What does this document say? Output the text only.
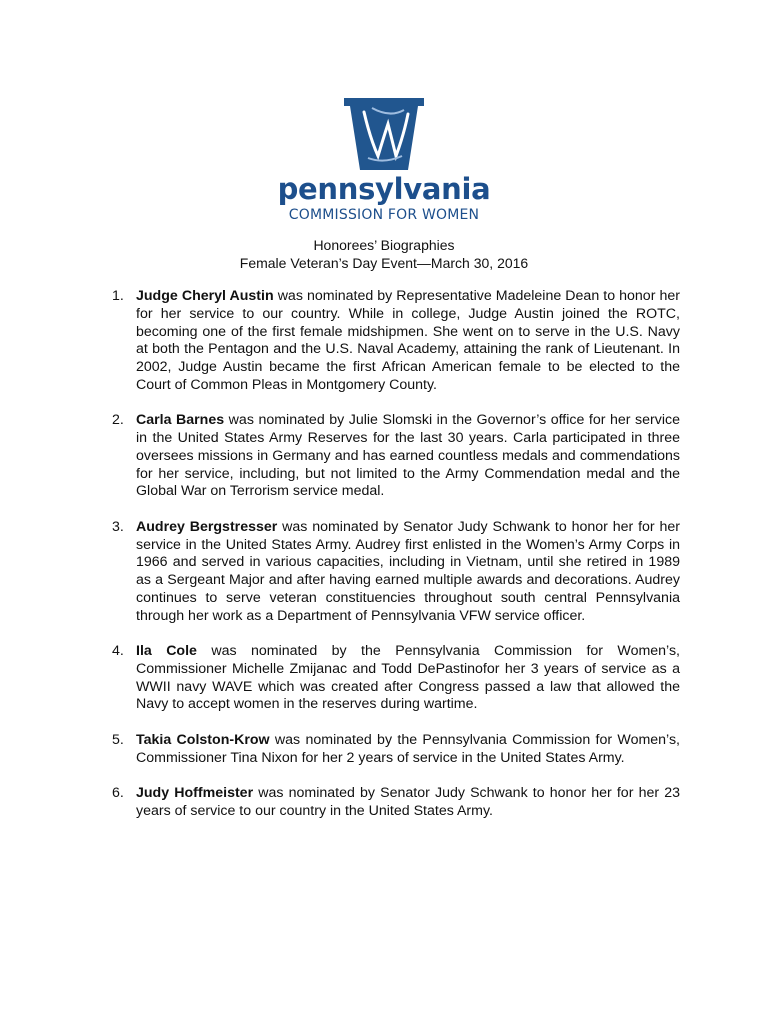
pennsylvania
COMMISSION FOR WOMEN
Honorees’ Biographies
Female Veteran’s Day Event—March 30, 2016
1. Judge Cheryl Austin was nominated by Representative Madeleine Dean to honor her for her service to our country. While in college, Judge Austin joined the ROTC, becoming one of the first female midshipmen. She went on to serve in the U.S. Navy at both the Pentagon and the U.S. Naval Academy, attaining the rank of Lieutenant. In 2002, Judge Austin became the first African American female to be elected to the Court of Common Pleas in Montgomery County.
2. Carla Barnes was nominated by Julie Slomski in the Governor’s office for her service in the United States Army Reserves for the last 30 years. Carla participated in three oversees missions in Germany and has earned countless medals and commendations for her service, including, but not limited to the Army Commendation medal and the Global War on Terrorism service medal.
3. Audrey Bergstresser was nominated by Senator Judy Schwank to honor her for her service in the United States Army. Audrey first enlisted in the Women’s Army Corps in 1966 and served in various capacities, including in Vietnam, until she retired in 1989 as a Sergeant Major and after having earned multiple awards and decorations. Audrey continues to serve veteran constituencies throughout south central Pennsylvania through her work as a Department of Pennsylvania VFW service officer.
4. Ila Cole was nominated by the Pennsylvania Commission for Women’s, Commissioner Michelle Zmijanac and Todd DePastinofor her 3 years of service as a WWII navy WAVE which was created after Congress passed a law that allowed the Navy to accept women in the reserves during wartime.
5. Takia Colston-Krow was nominated by the Pennsylvania Commission for Women’s, Commissioner Tina Nixon for her 2 years of service in the United States Army.
6. Judy Hoffmeister was nominated by Senator Judy Schwank to honor her for her 23 years of service to our country in the United States Army.
